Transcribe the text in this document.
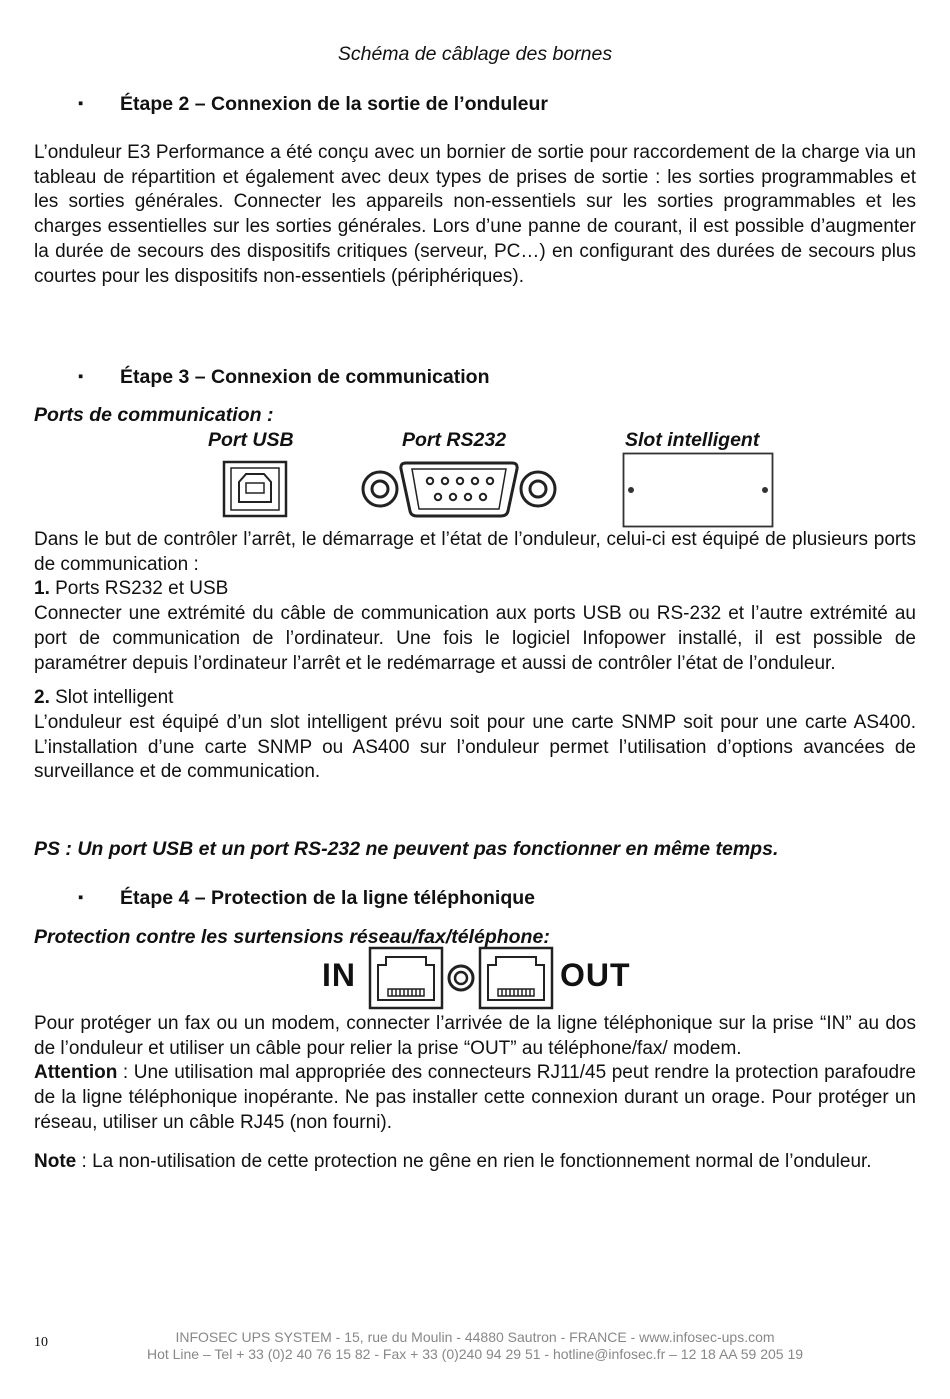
Schéma de câblage des bornes
▪ Étape 2 – Connexion de la sortie de l’onduleur

L’onduleur E3 Performance a été conçu avec un bornier de sortie pour raccordement de la charge via un tableau de répartition et également avec deux types de prises de sortie : les sorties programmables et les sorties générales. Connecter les appareils non-essentiels sur les sorties programmables et les charges essentielles sur les sorties générales. Lors d’une panne de courant, il est possible d’augmenter la durée de secours des dispositifs critiques (serveur, PC…) en configurant des durées de secours plus courtes pour les dispositifs non-essentiels (périphériques).

▪ Étape 3 – Connexion de communication
Ports de communication :
Port USB	Port RS232	Slot intelligent

Dans le but de contrôler l’arrêt, le démarrage et l’état de l’onduleur, celui-ci est équipé de plusieurs ports de communication :

1. Ports RS232 et USB

Connecter une extrémité du câble de communication aux ports USB ou RS-232 et l’autre extrémité au port de communication de l’ordinateur. Une fois le logiciel Infopower installé, il est possible de paramétrer depuis l’ordinateur l’arrêt et le redémarrage et aussi de contrôler l’état de l’onduleur.

2. Slot intelligent

L’onduleur est équipé d’un slot intelligent prévu soit pour une carte SNMP soit pour une carte AS400. L’installation d’une carte SNMP ou AS400 sur l’onduleur permet l’utilisation d’options avancées de surveillance et de communication.

PS : Un port USB et un port RS-232 ne peuvent pas fonctionner en même temps.
▪ Étape 4 – Protection de la ligne téléphonique
Protection contre les surtensions réseau/fax/téléphone:
IN	OUT

Pour protéger un fax ou un modem, connecter l’arrivée de la ligne téléphonique sur la prise “IN” au dos de l’onduleur et utiliser un câble pour relier la prise “OUT” au téléphone/fax/ modem.

Attention : Une utilisation mal appropriée des connecteurs RJ11/45 peut rendre la protection parafoudre de la ligne téléphonique inopérante. Ne pas installer cette connexion durant un orage. Pour protéger un réseau, utiliser un câble RJ45 (non fourni).

Note : La non-utilisation de cette protection ne gêne en rien le fonctionnement normal de l’onduleur.

10	INFOSEC UPS SYSTEM - 15, rue du Moulin - 44880 Sautron - FRANCE - www.infosec-ups.com
Hot Line – Tel + 33 (0)2 40 76 15 82 - Fax + 33 (0)240 94 29 51 - hotline@infosec.fr – 12 18 AA 59 205 19
